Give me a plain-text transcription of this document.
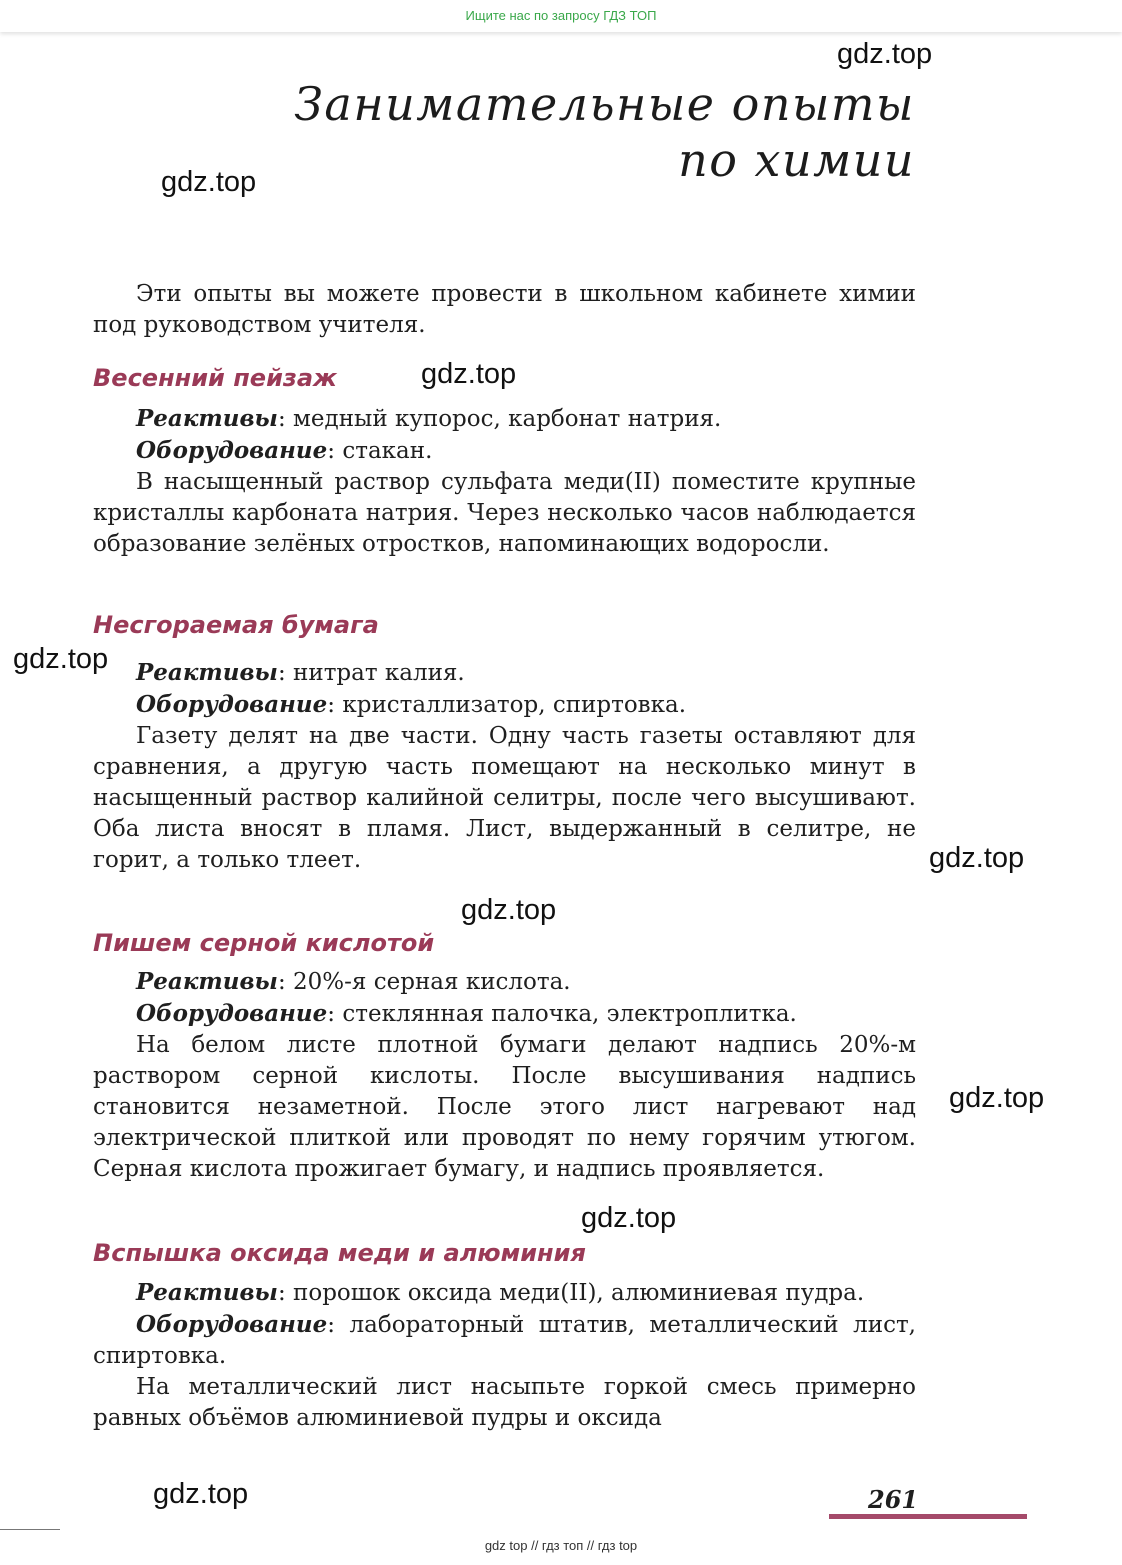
Ищите нас по запросу ГДЗ ТОП
gdz.top
gdz.top
gdz.top
gdz.top
gdz.top
gdz.top
gdz.top
gdz.top
gdz.top
Занимательные опыты
по химии

Эти опыты вы можете провести в школьном кабинете химии под руководством учителя.

Весенний пейзаж

Реактивы: медный купорос, карбонат натрия.

Оборудование: стакан.

В насыщенный раствор сульфата меди(II) поместите крупные кристаллы карбоната натрия. Через несколько часов наблюдается образование зелёных отростков, напоминающих водоросли.

Несгораемая бумага

Реактивы: нитрат калия.

Оборудование: кристаллизатор, спиртовка.

Газету делят на две части. Одну часть газеты оставляют для сравнения, а другую часть помещают на несколько минут в насыщенный раствор калийной селитры, после чего высушивают. Оба листа вносят в пламя. Лист, выдержанный в селитре, не горит, а только тлеет.

Пишем серной кислотой

Реактивы: 20%-я серная кислота.

Оборудование: стеклянная палочка, электроплитка.

На белом листе плотной бумаги делают надпись 20%-м раствором серной кислоты. После высушивания надпись становится незаметной. После этого лист нагревают над электрической плиткой или проводят по нему горячим утюгом. Серная кислота прожигает бумагу, и надпись проявляется.

Вспышка оксида меди и алюминия

Реактивы: порошок оксида меди(II), алюминиевая пудра.

Оборудование: лабораторный штатив, металлический лист, спиртовка.

На металлический лист насыпьте горкой смесь примерно равных объёмов алюминиевой пудры и оксида

261
gdz top // гдз топ // гдз top
